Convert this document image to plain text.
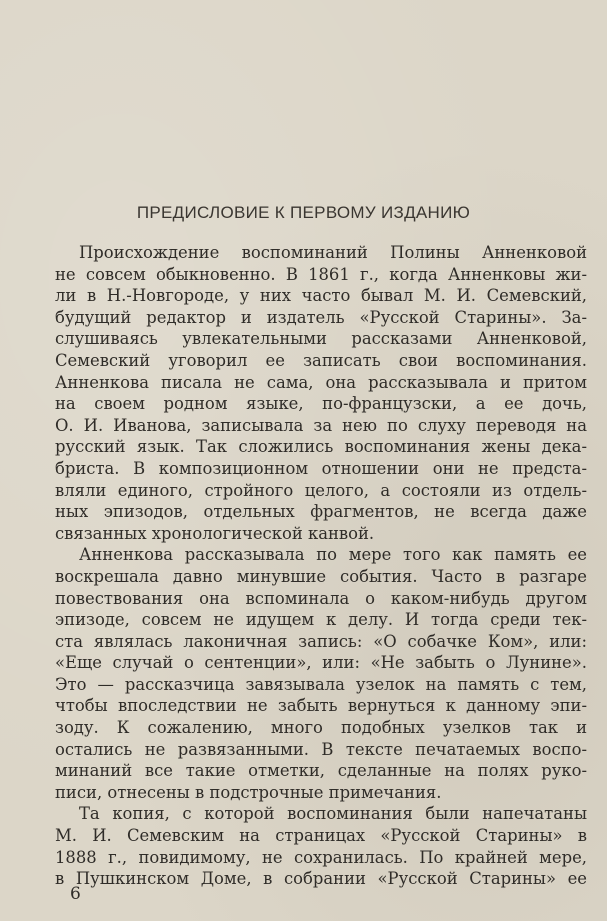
ПРЕДИСЛОВИЕ К ПЕРВОМУ ИЗДАНИЮ
Происхождение воспоминаний Полины Анненковой
не совсем обыкновенно. В 1861 г., когда Анненковы жи-
ли в Н.-Новгороде, у них часто бывал М. И. Семевский,
будущий редактор и издатель «Русской Старины». За-
слушиваясь увлекательными рассказами Анненковой,
Семевский уговорил ее записать свои воспоминания.
Анненкова писала не сама, она рассказывала и притом
на своем родном языке, по-французски, а ее дочь,
О. И. Иванова, записывала за нею по слуху переводя на
русский язык. Так сложились воспоминания жены дека-
бриста. В композиционном отношении они не предста-
вляли единого, стройного целого, а состояли из отдель-
ных эпизодов, отдельных фрагментов, не всегда даже
связанных хронологической канвой.
Анненкова рассказывала по мере того как память ее
воскрешала давно минувшие события. Часто в разгаре
повествования она вспоминала о каком-нибудь другом
эпизоде, совсем не идущем к делу. И тогда среди тек-
ста являлась лаконичная запись: «О собачке Ком», или:
«Еще случай о сентенции», или: «Не забыть о Лунине».
Это — рассказчица завязывала узелок на память с тем,
чтобы впоследствии не забыть вернуться к данному эпи-
зоду. К сожалению, много подобных узелков так и
остались не развязанными. В тексте печатаемых воспо-
минаний все такие отметки, сделанные на полях руко-
писи, отнесены в подстрочные примечания.
Та копия, с которой воспоминания были напечатаны
М. И. Семевским на страницах «Русской Старины» в
1888 г., повидимому, не сохранилась. По крайней мере,
в Пушкинском Доме, в собрании «Русской Старины» ее
6
